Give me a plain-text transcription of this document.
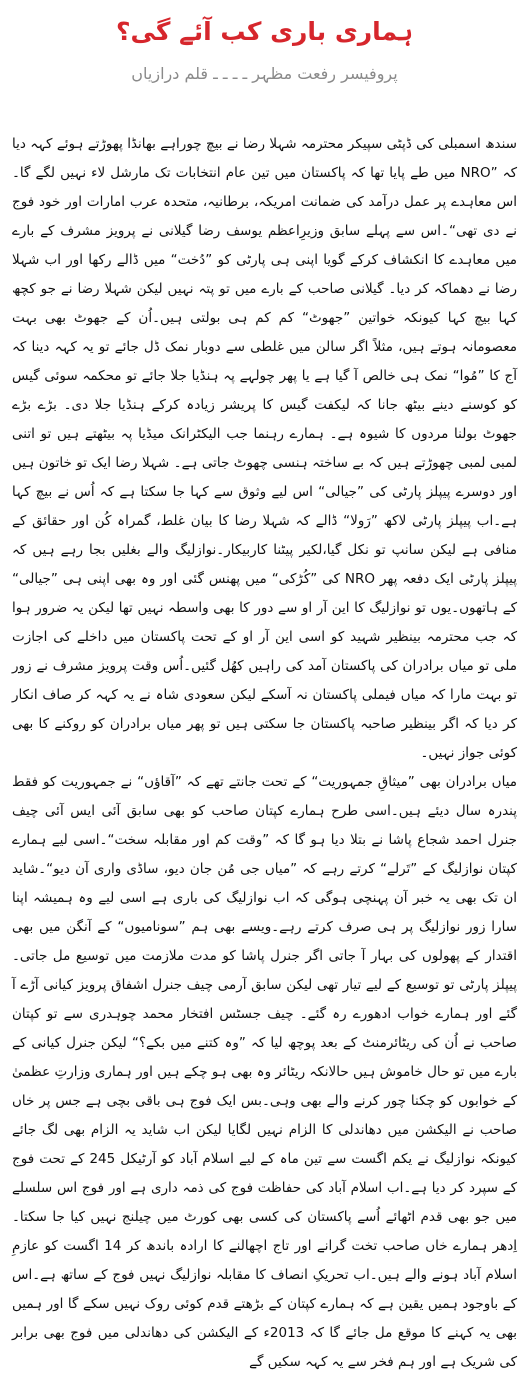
ہماری باری کب آئے گی؟
پروفیسر رفعت مظہر ـ ـ ـ ـ قلم درازیاں

سندھ اسمبلی کی ڈپٹی سپیکر محترمہ شہلا رضا نے بیچ چوراہے بھانڈا پھوڑتے ہوئے کہہ دیا کہ ”NRO میں طے پایا تھا کہ پاکستان میں تین عام انتخابات تک مارشل لاء نہیں لگے گا۔اس معاہدے پر عمل درآمد کی ضمانت امریکہ، برطانیہ، متحدہ عرب امارات اور خود فوج نے دی تھی“۔اس سے پہلے سابق وزیرِاعظم یوسف رضا گیلانی نے پرویز مشرف کے بارے میں معاہدے کا انکشاف کرکے گویا اپنی ہی پارٹی کو ”دُخت“ میں ڈالے رکھا اور اب شہلا رضا نے دھماکہ کر دیا۔ گیلانی صاحب کے بارے میں تو پتہ نہیں لیکن شہلا رضا نے جو کچھ کہا بیچ کہا کیونکہ خواتین ”جھوٹ“ کم کم ہی بولتی ہیں۔اُن کے جھوٹ بھی بہت معصومانہ ہوتے ہیں، مثلاً اگر سالن میں غلطی سے دوبار نمک ڈل جائے تو یہ کہہ دینا کہ آج کا ”مُوا“ نمک ہی خالص آ گیا ہے یا پھر چولہے پہ ہنڈیا جلا جائے تو محکمہ سوئی گیس کو کوسنے دینے بیٹھ جانا کہ لیکفت گیس کا پریشر زیادہ کرکے ہنڈیا جلا دی۔ بڑے بڑے جھوٹ بولنا مردوں کا شیوہ ہے۔ ہمارے رہنما جب الیکٹرانک میڈیا پہ بیٹھتے ہیں تو اتنی لمبی لمبی چھوڑتے ہیں کہ بے ساختہ ہنسی چھوٹ جاتی ہے۔ شہلا رضا ایک تو خاتون ہیں اور دوسرے پیپلز پارٹی کی ”جیالی“ اس لیے وثوق سے کہا جا سکتا ہے کہ اُس نے بیچ کہا ہے۔اب پیپلز پارٹی لاکھ ”رَولا“ ڈالے کہ شہلا رضا کا بیان غلط، گمراہ کُن اور حقائق کے منافی ہے لیکن سانپ تو نکل گیا،لکیر پیٹنا کاربیکار۔نوازلیگ والے بغلیں بجا رہے ہیں کہ پیپلز پارٹی ایک دفعہ پھر NRO کی ”کُڑکی“ میں پھنس گئی اور وہ بھی اپنی ہی ”جیالی“ کے ہاتھوں۔یوں تو نوازلیگ کا این آر او سے دور کا بھی واسطہ نہیں تھا لیکن یہ ضرور ہوا کہ جب محترمہ بینظیر شہید کو اسی این آر او کے تحت پاکستان میں داخلے کی اجازت ملی تو میاں برادران کی پاکستان آمد کی راہیں کھُل گئیں۔اُس وقت پرویز مشرف نے زور تو بہت مارا کہ میاں فیملی پاکستان نہ آسکے لیکن سعودی شاہ نے یہ کہہ کر صاف انکار کر دیا کہ اگر بینظیر صاحبہ پاکستان جا سکتی ہیں تو پھر میاں برادران کو روکنے کا بھی کوئی جواز نہیں۔

میاں برادران بھی ”میثاقِ جمہوریت“ کے تحت جانتے تھے کہ ”آقاؤں“ نے جمہوریت کو فقط پندرہ سال دیئے ہیں۔اسی طرح ہمارے کپتان صاحب کو بھی سابق آئی ایس آئی چیف جنرل احمد شجاع پاشا نے بتلا دیا ہو گا کہ ”وقت کم اور مقابلہ سخت“۔اسی لیے ہمارے کپتان نوازلیگ کے ”تَرلے“ کرتے رہے کہ ”میاں جی مُن جان دیو، ساڈی واری آن دیو“۔شاید ان تک بھی یہ خبر آن پہنچی ہوگی کہ اب نوازلیگ کی باری ہے اسی لیے وہ ہمیشہ اپنا سارا زور نوازلیگ پر ہی صرف کرتے رہے۔ویسے بھی ہم ”سونامیوں“ کے آنگن میں بھی اقتدار کے پھولوں کی بہار آ جاتی اگر جنرل پاشا کو مدت ملازمت میں توسیع مل جاتی۔ پیپلز پارٹی تو توسیع کے لیے تیار تھی لیکن سابق آرمی چیف جنرل اشفاق پرویز کیانی آڑے آ گئے اور ہمارے خواب ادھورے رہ گئے۔ چیف جسٹس افتخار محمد چوہدری سے تو کپتان صاحب نے اُن کی ریٹائرمنٹ کے بعد پوچھ لیا کہ ”وہ کتنے میں بکے؟“ لیکن جنرل کیانی کے بارے میں تو حال خاموش ہیں حالانکہ ریٹائر وہ بھی ہو چکے ہیں اور ہماری وزارتِ عظمیٰ کے خوابوں کو چکنا چور کرنے والے بھی وہی۔بس ایک فوج ہی باقی بچی ہے جس پر خاں صاحب نے الیکشن میں دھاندلی کا الزام نہیں لگایا لیکن اب شاید یہ الزام بھی لگ جائے کیونکہ نوازلیگ نے یکم اگست سے تین ماہ کے لیے اسلام آباد کو آرٹیکل 245 کے تحت فوج کے سپرد کر دیا ہے۔اب اسلام آباد کی حفاظت فوج کی ذمہ داری ہے اور فوج اس سلسلے میں جو بھی قدم اٹھائے اُسے پاکستان کی کسی بھی کورٹ میں چیلنج نہیں کیا جا سکتا۔اِدھر ہمارے خاں صاحب تخت گرانے اور تاج اچھالنے کا ارادہ باندھ کر 14 اگست کو عازمِ اسلام آباد ہونے والے ہیں۔اب تحریکِ انصاف کا مقابلہ نوازلیگ نہیں فوج کے ساتھ ہے۔اس کے باوجود ہمیں یقین ہے کہ ہمارے کپتان کے بڑھتے قدم کوئی روک نہیں سکے گا اور ہمیں بھی یہ کہنے کا موقع مل جائے گا کہ 2013ء کے الیکشن کی دھاندلی میں فوج بھی برابر کی شریک ہے اور ہم فخر سے یہ کہہ سکیں گے
